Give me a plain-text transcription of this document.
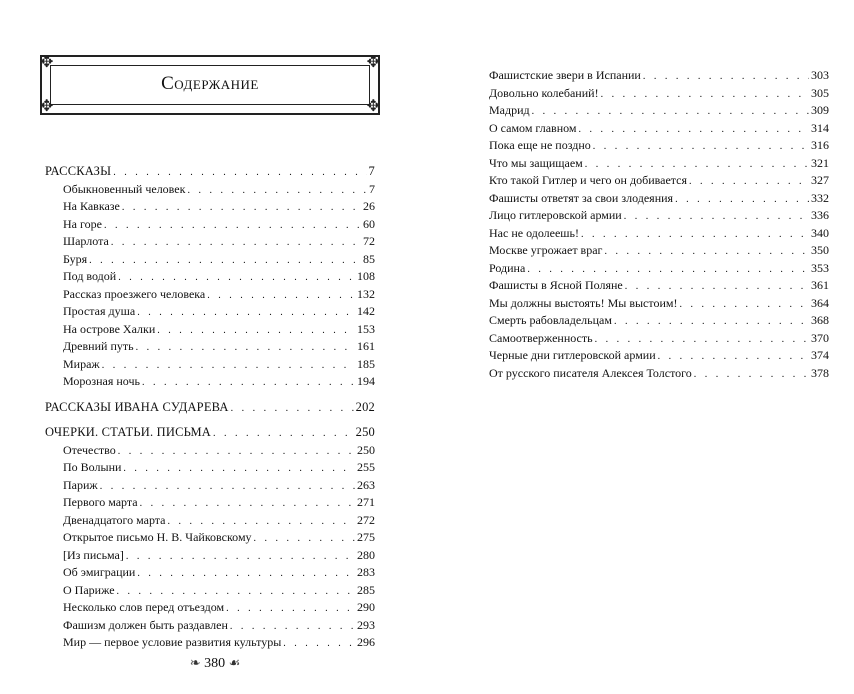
✥	✥
✥	✥
Содержание
РАССКАЗЫ . . .	7
Обыкновенный человек . . .	7
На Кавказе . . .	26
На горе . . .	60
Шарлота . . .	72
Буря . . .	85
Под водой . . .	108
Рассказ проезжего человека . . .	132
Простая душа . . .	142
На острове Халки . . .	153
Древний путь . . .	161
Мираж . . .	185
Морозная ночь . . .	194
РАССКАЗЫ ИВАНА СУДАРЕВА . . .	202
ОЧЕРКИ. СТАТЬИ. ПИСЬМА . . .	250
Отечество . . .	250
По Волыни . . .	255
Париж . . .	263
Первого марта . . .	271
Двенадцатого марта . . .	272
Открытое письмо Н. В. Чайковскому . . .	275
[Из письма] . . .	280
Об эмиграции . . .	283
О Париже . . .	285
Несколько слов перед отъездом . . .	290
Фашизм должен быть раздавлен . . .	293
Мир — первое условие развития культуры . . .	296
❧ 380 ☙
Фашистские звери в Испании . . .	303
Довольно колебаний! . . .	305
Мадрид . . .	309
О самом главном . . .	314
Пока еще не поздно . . .	316
Что мы защищаем . . .	321
Кто такой Гитлер и чего он добивается . . .	327
Фашисты ответят за свои злодеяния . . .	332
Лицо гитлеровской армии . . .	336
Нас не одолеешь! . . .	340
Москве угрожает враг . . .	350
Родина . . .	353
Фашисты в Ясной Поляне . . .	361
Мы должны выстоять! Мы выстоим! . . .	364
Смерть рабовладельцам . . .	368
Самоотверженность . . .	370
Черные дни гитлеровской армии . . .	374
От русского писателя Алексея Толстого . . .	378
